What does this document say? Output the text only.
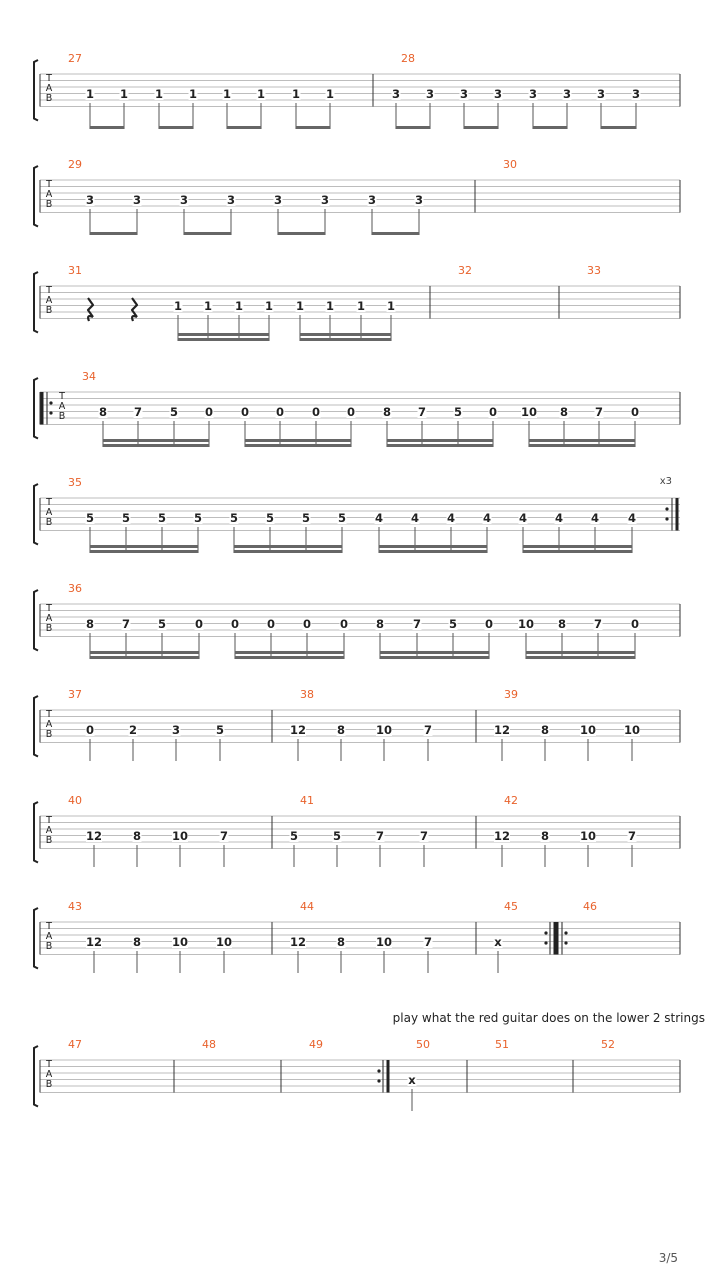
play what the red guitar does on the lower 2 strings
x3
3/5
T
A
B
27
1 1 1 1 1 1 1 1
28
3 3 3 3 3 3 3 3
T
A
B
29
3	3	3	3	3	3	3	3
30
T
A
B
31
1 1 1 1 1 1 1 1
32	33
T
A
B
34
8 7 5 0 0 0 0 0 8 7 5 0 10 8 7 0
T
A
B
35
5 5 5 5 5 5 5 5	4 4 4 4 4 4 4	4
T
A
B
36
8 7 5	0 0 0 0	0 8	7 5 0 10 8 7	0
T
A
B
37
0	2	3	5
38
12	8	10	7
39
12	8	10 10
T
A
B
40
12	8	10	7
41
5	5	7	7
42
12	8	10	7
T
A
B
43
12	8	10 10
44
12	8	10	7
45
x
46
T
A
B
47	48	49	50
x
51	52
